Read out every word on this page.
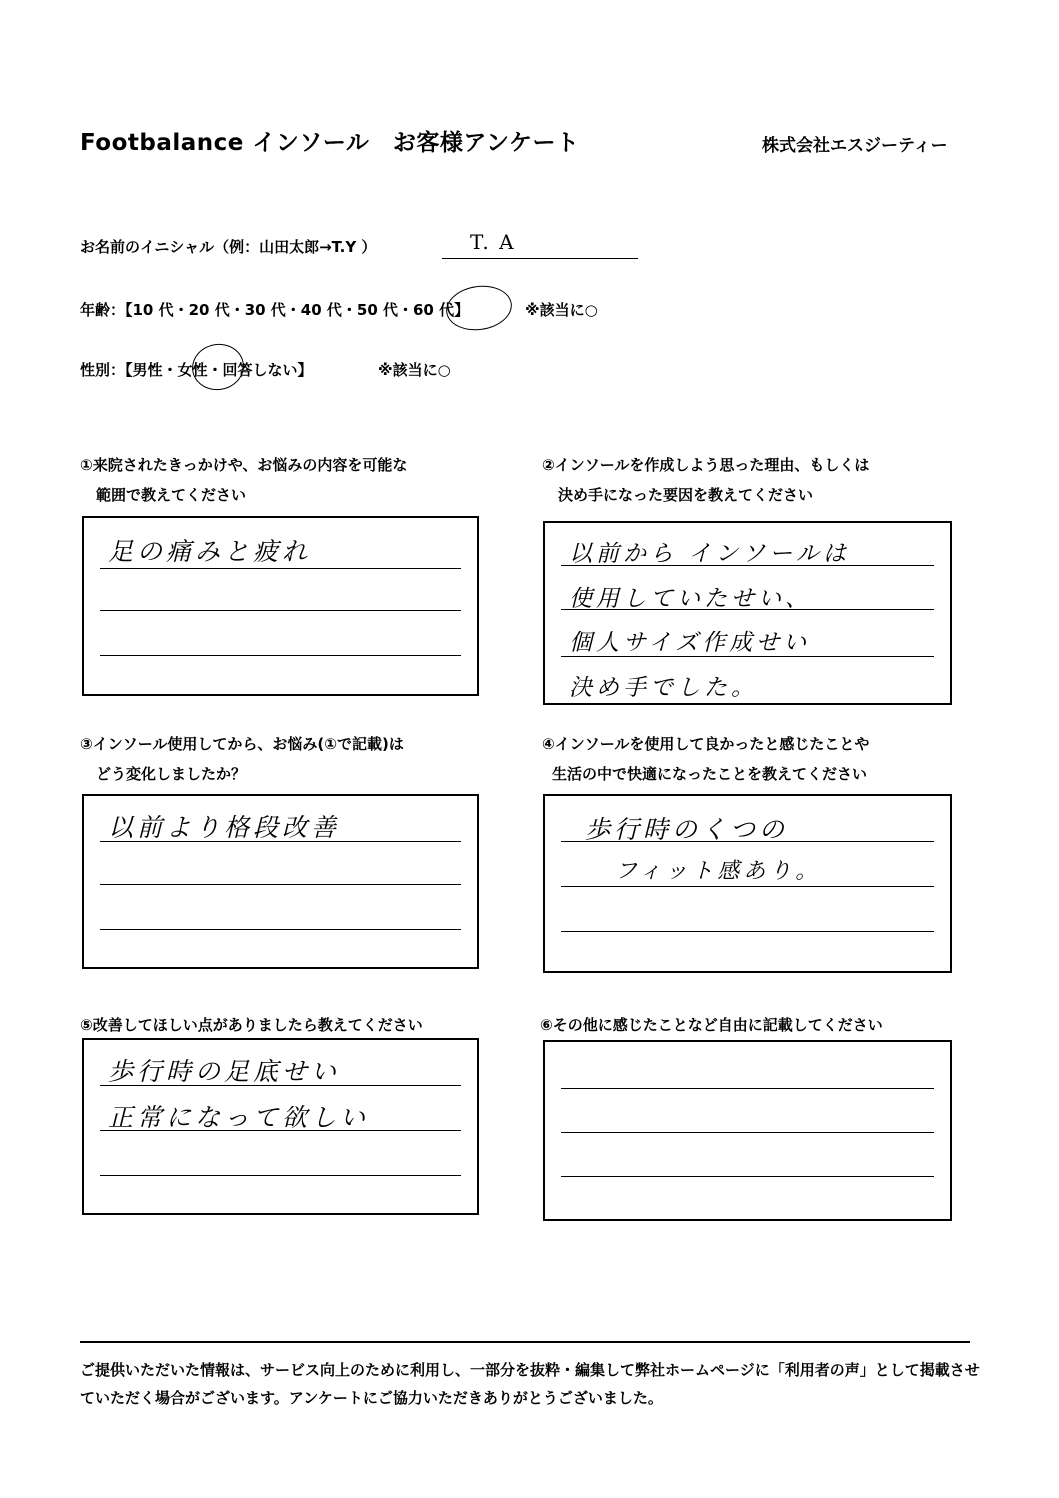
Footbalance インソール　お客様アンケート	株式会社エスジーティー
お名前のイニシャル（例：山田太郎→T.Y ）	T. A
年齢：【10 代・20 代・30 代・40 代・50 代・60 代】	※該当に○
性別：【男性・女性・回答しない】	※該当に○
①来院されたきっかけや、お悩みの内容を可能な
範囲で教えてください
足の痛みと疲れ
②インソールを作成しよう思った理由、もしくは
決め手になった要因を教えてください
以前から インソールは
使用していたせい、
個人サイズ作成せい
決め手でした。
③インソール使用してから、お悩み(①で記載)は
どう変化しましたか？
以前より格段改善
④インソールを使用して良かったと感じたことや
生活の中で快適になったことを教えてください
歩行時のくつの
フィット感あり。
⑤改善してほしい点がありましたら教えてください
歩行時の足底せい
正常になって欲しい
⑥その他に感じたことなど自由に記載してください
ご提供いただいた情報は、サービス向上のために利用し、一部分を抜粋・編集して弊社ホームページに「利用者の声」として掲載させていただく場合がございます。アンケートにご協力いただきありがとうございました。
